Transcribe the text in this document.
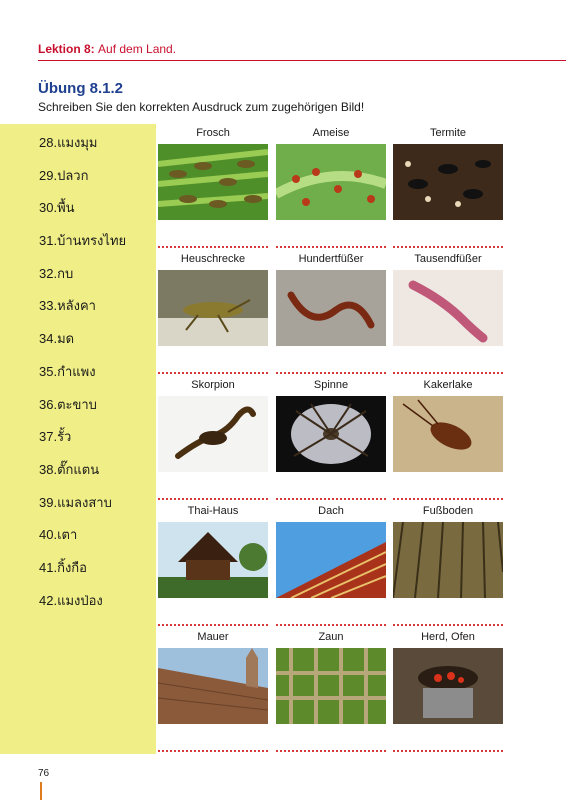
Lektion 8: Auf dem Land.
Übung 8.1.2
Schreiben Sie den korrekten Ausdruck zum zugehörigen Bild!
28.แมงมุม
29.ปลวก
30.พื้น
31.บ้านทรงไทย
32.กบ
33.หลังคา
34.มด
35.กำแพง
36.ตะขาบ
37.รั้ว
38.ตั๊กแตน
39.แมลงสาบ
40.เตา
41.กิ้งกือ
42.แมงป่อง
Frosch	Ameise	Termite
Heuschrecke	Hundertfüßer	Tausendfüßer
Skorpion	Spinne	Kakerlake
Thai-Haus	Dach	Fußboden
Mauer	Zaun	Herd, Ofen
76
